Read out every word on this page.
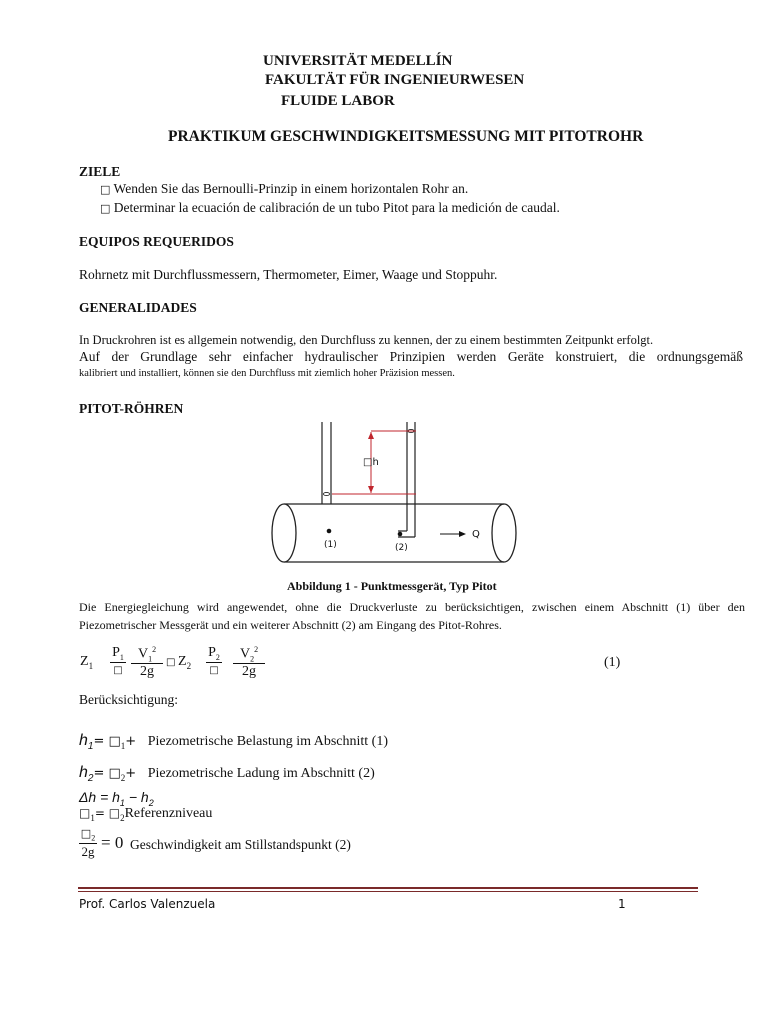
UNIVERSITÄT MEDELLÍN
FAKULTÄT FÜR INGENIEURWESEN
FLUIDE LABOR
PRAKTIKUM GESCHWINDIGKEITSMESSUNG MIT PITOTROHR
ZIELE
□ Wenden Sie das Bernoulli-Prinzip in einem horizontalen Rohr an.
□ Determinar la ecuación de calibración de un tubo Pitot para la medición de caudal.
EQUIPOS REQUERIDOS
Rohrnetz mit Durchflussmessern, Thermometer, Eimer, Waage und Stoppuhr.
GENERALIDADES
In Druckrohren ist es allgemein notwendig, den Durchfluss zu kennen, der zu einem bestimmten Zeitpunkt erfolgt.
Auf der Grundlage sehr einfacher hydraulischer Prinzipien werden Geräte konstruiert, die ordnungsgemäß
kalibriert und installiert, können sie den Durchfluss mit ziemlich hoher Präzision messen.
PITOT-RÖHREN
□h
(1)	(2)
Q
Abbildung 1 - Punktmessgerät, Typ Pitot
Die Energiegleichung wird angewendet, ohne die Druckverluste zu berücksichtigen, zwischen einem Abschnitt (1) über den
Piezometrischer Messgerät und ein weiterer Abschnitt (2) am Eingang des Pitot-Rohres.
$Z_1$
$P_1$
□
$V_1^2$
2g
□ $Z_2$
$P_2$
□
$V_2^2$
2g
(1)
Berücksichtigung:
$h_1=$ $□_1+$ Piezometrische Belastung im Abschnitt (1)
$h_2=$ $□_2+$ Piezometrische Ladung im Abschnitt (2)
$\Delta h = h_1 - h_2$
$□_1=$ $□_2Referenzniveau$
$□_2$
2g = 0 Geschwindigkeit am Stillstandspunkt (2)
Prof. Carlos Valenzuela	1
